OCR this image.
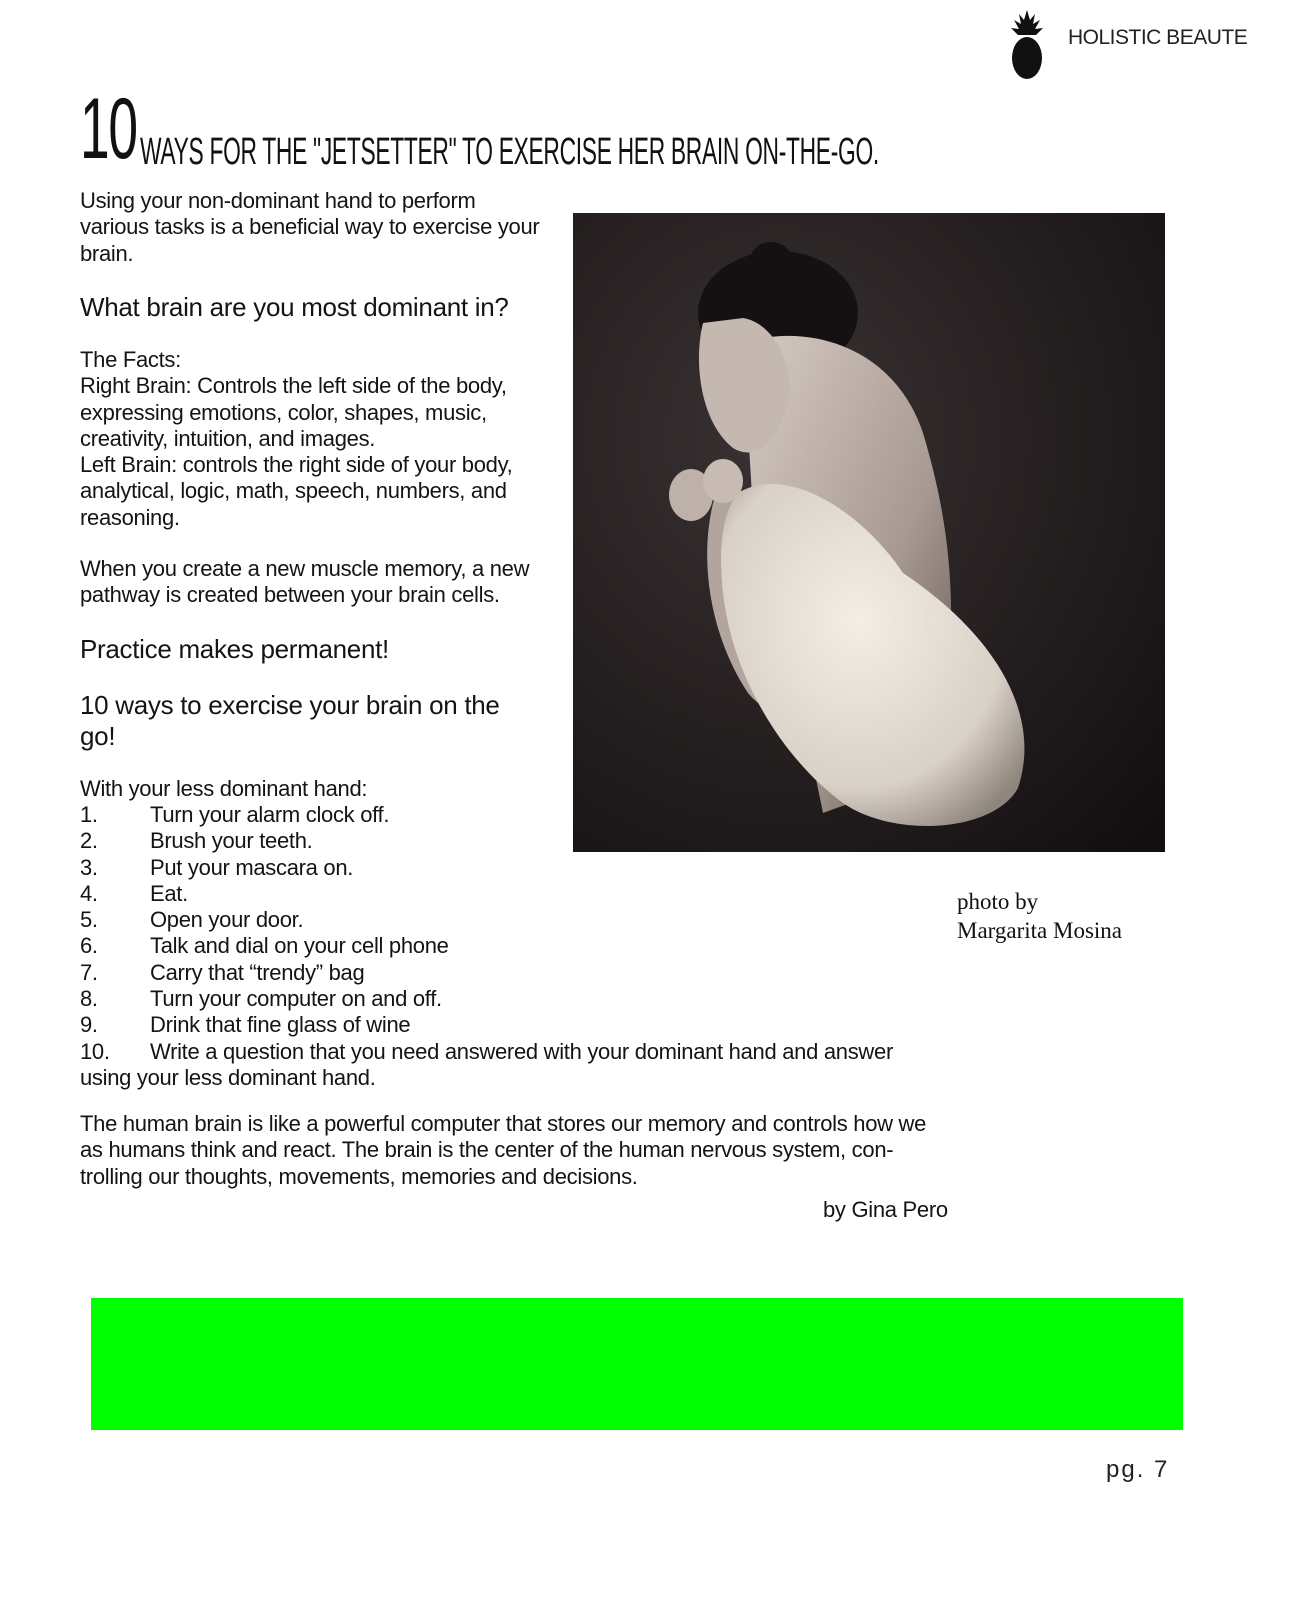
HOLISTIC BEAUTE
10 WAYS FOR THE "JETSETTER" TO EXERCISE HER BRAIN ON-THE-GO.
Using your non-dominant hand to perform various tasks is a beneficial way to exercise your brain.
What brain are you most dominant in?
The Facts:
Right Brain: Controls the left side of the body, expressing emotions, color, shapes, music, creativity, intuition, and images.
Left Brain: controls the right side of your body, analytical, logic, math, speech, numbers, and reasoning.
When you create a new muscle memory, a new pathway is created between your brain cells.
Practice makes permanent!
10 ways to exercise your brain on the go!
With your less dominant hand:
1. Turn your alarm clock off.
2. Brush your teeth.
3. Put your mascara on.
4. Eat.
5. Open your door.
6. Talk and dial on your cell phone
7. Carry that “trendy” bag
8. Turn your computer on and off.
9. Drink that fine glass of wine
10. Write a question that you need answered with your dominant hand and answer using your less dominant hand.
The human brain is like a powerful computer that stores our memory and controls how we as humans think and react. The brain is the center of the human nervous system, con-trolling our thoughts, movements, memories and decisions.
by Gina Pero
photo by
Margarita Mosina
pg. 7
